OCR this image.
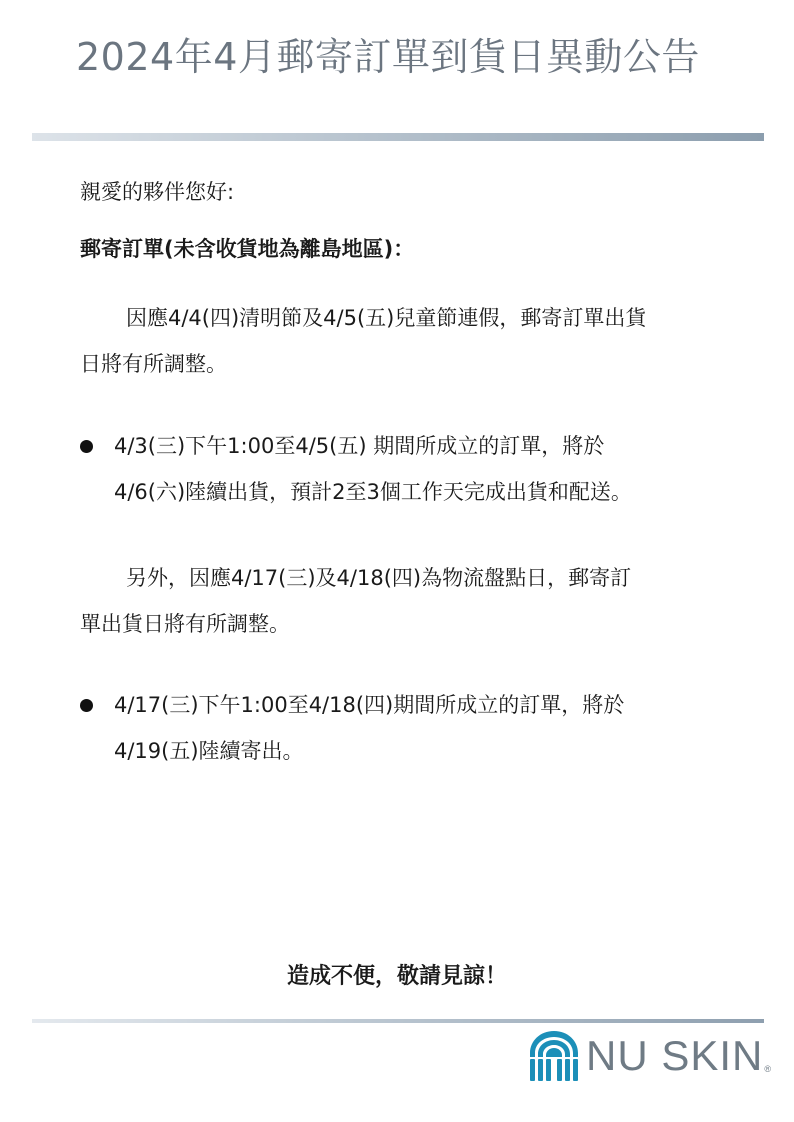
2024年4月郵寄訂單到貨日異動公告
親愛的夥伴您好:
郵寄訂單(未含收貨地為離島地區)：
因應4/4(四)清明節及4/5(五)兒童節連假，郵寄訂單出貨
日將有所調整。
4/3(三)下午1:00至4/5(五) 期間所成立的訂單，將於
4/6(六)陸續出貨，預計2至3個工作天完成出貨和配送。
另外，因應4/17(三)及4/18(四)為物流盤點日，郵寄訂
單出貨日將有所調整。
4/17(三)下午1:00至4/18(四)期間所成立的訂單，將於
4/19(五)陸續寄出。
造成不便，敬請見諒！
NU SKIN ®
